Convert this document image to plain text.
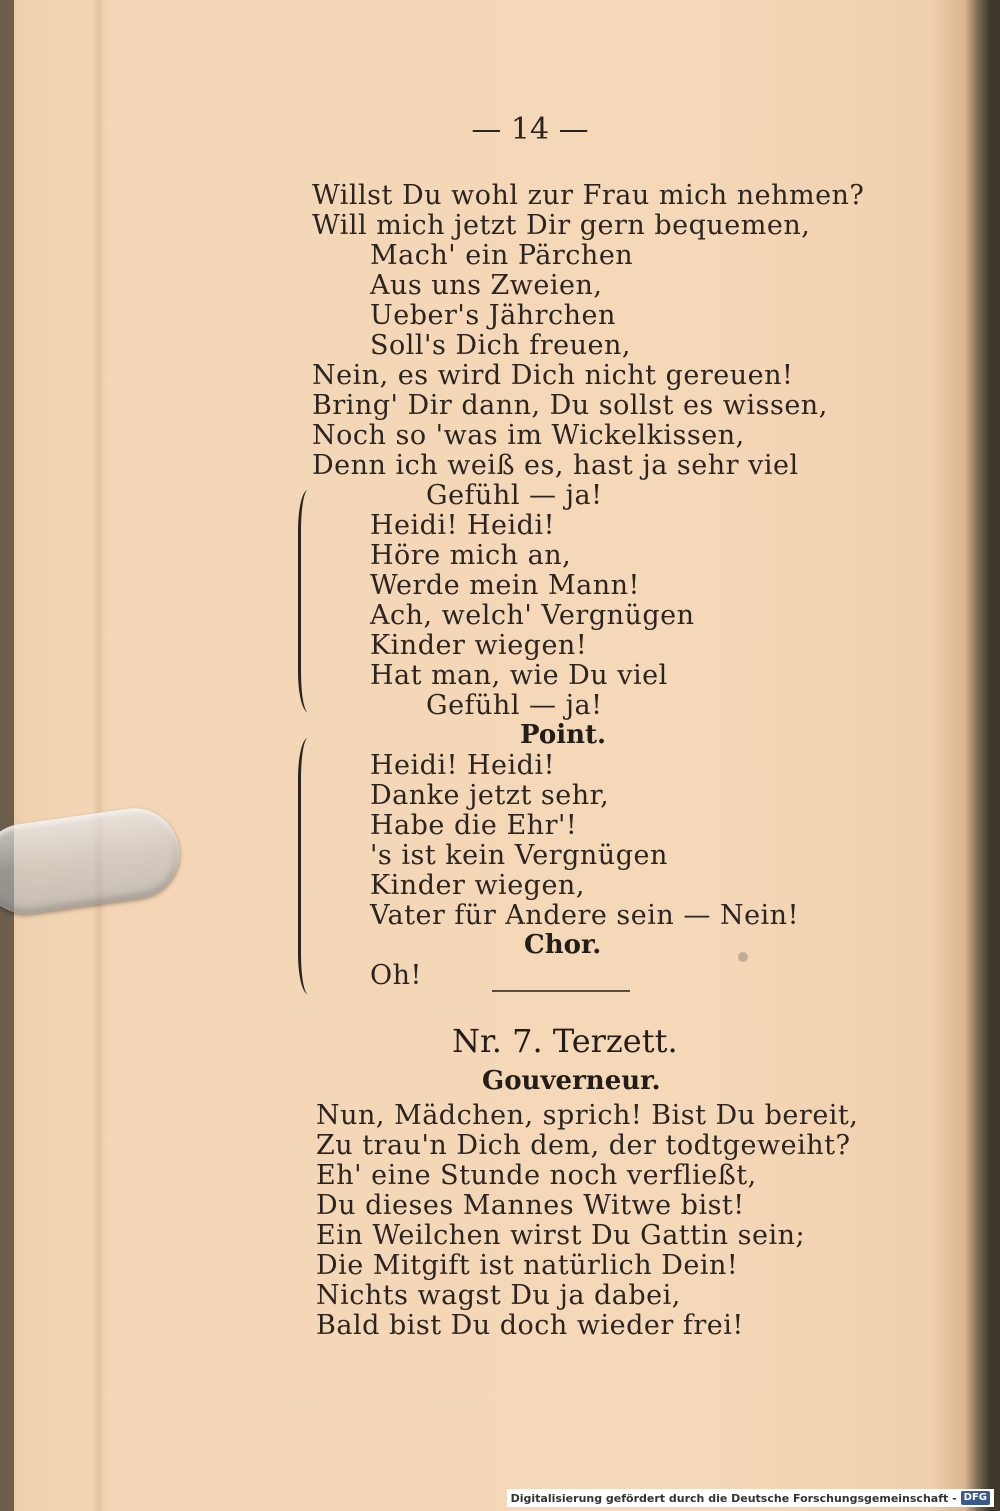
— 14 —
Willst Du wohl zur Frau mich nehmen?
Will mich jetzt Dir gern bequemen,
Mach' ein Pärchen
Aus uns Zweien,
Ueber's Jährchen
Soll's Dich freuen,
Nein, es wird Dich nicht gereuen!
Bring' Dir dann, Du sollst es wissen,
Noch so 'was im Wickelkissen,
Denn ich weiß es, hast ja sehr viel
Gefühl — ja!
Heidi! Heidi!
Höre mich an,
Werde mein Mann!
Ach, welch' Vergnügen
Kinder wiegen!
Hat man, wie Du viel
Gefühl — ja!
Point.
Heidi! Heidi!
Danke jetzt sehr,
Habe die Ehr'!
's ist kein Vergnügen
Kinder wiegen,
Vater für Andere sein — Nein!
Chor.
Oh!
Nr. 7. Terzett.
Gouverneur.
Nun, Mädchen, sprich! Bist Du bereit,
Zu trau'n Dich dem, der todtgeweiht?
Eh' eine Stunde noch verfließt,
Du dieses Mannes Witwe bist!
Ein Weilchen wirst Du Gattin sein;
Die Mitgift ist natürlich Dein!
Nichts wagst Du ja dabei,
Bald bist Du doch wieder frei!
Digitalisierung gefördert durch die Deutsche Forschungsgemeinschaft - DFG
